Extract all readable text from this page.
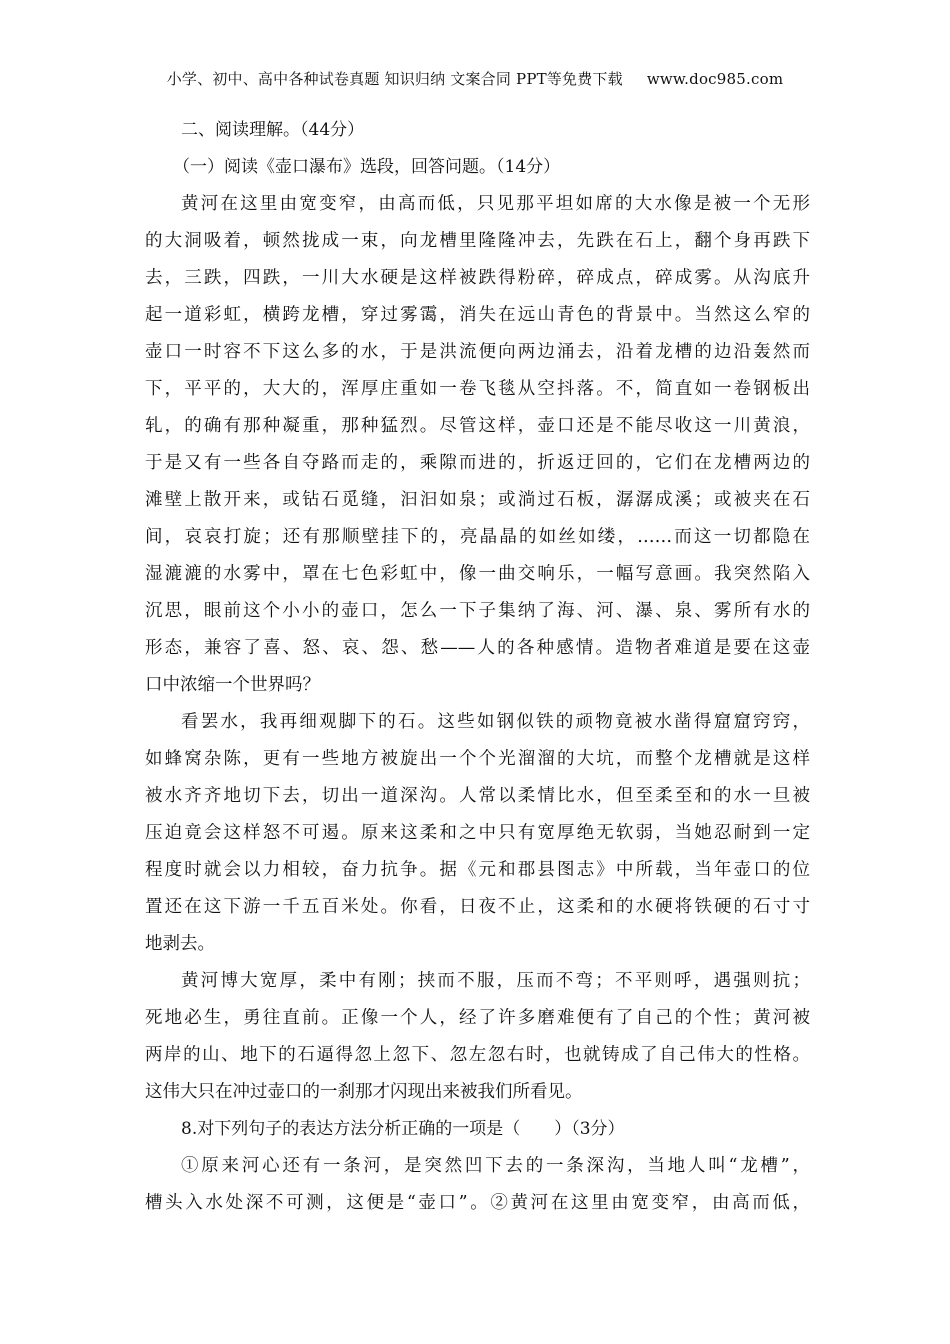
小学、初中、高中各种试卷真题 知识归纳 文案合同 PPT等免费下载 www.doc985.com
二、阅读理解。（44分）
（一）阅读《壶口瀑布》选段，回答问题。（14分）
黄河在这里由宽变窄，由高而低，只见那平坦如席的大水像是被一个无形
的大洞吸着，顿然拢成一束，向龙槽里隆隆冲去，先跌在石上，翻个身再跌下
去，三跌，四跌，一川大水硬是这样被跌得粉碎，碎成点，碎成雾。从沟底升
起一道彩虹，横跨龙槽，穿过雾霭，消失在远山青色的背景中。当然这么窄的
壶口一时容不下这么多的水，于是洪流便向两边涌去，沿着龙槽的边沿轰然而
下，平平的，大大的，浑厚庄重如一卷飞毯从空抖落。不，简直如一卷钢板出
轧，的确有那种凝重，那种猛烈。尽管这样，壶口还是不能尽收这一川黄浪，
于是又有一些各自夺路而走的，乘隙而进的，折返迂回的，它们在龙槽两边的
滩壁上散开来，或钻石觅缝，汩汩如泉；或淌过石板，潺潺成溪；或被夹在石
间，哀哀打旋；还有那顺壁挂下的，亮晶晶的如丝如缕，……而这一切都隐在
湿漉漉的水雾中，罩在七色彩虹中，像一曲交响乐，一幅写意画。我突然陷入
沉思，眼前这个小小的壶口，怎么一下子集纳了海、河、瀑、泉、雾所有水的
形态，兼容了喜、怒、哀、怨、愁——人的各种感情。造物者难道是要在这壶
口中浓缩一个世界吗？
看罢水，我再细观脚下的石。这些如钢似铁的顽物竟被水凿得窟窟窍窍，
如蜂窝杂陈，更有一些地方被旋出一个个光溜溜的大坑，而整个龙槽就是这样
被水齐齐地切下去，切出一道深沟。人常以柔情比水，但至柔至和的水一旦被
压迫竟会这样怒不可遏。原来这柔和之中只有宽厚绝无软弱，当她忍耐到一定
程度时就会以力相较，奋力抗争。据《元和郡县图志》中所载，当年壶口的位
置还在这下游一千五百米处。你看，日夜不止，这柔和的水硬将铁硬的石寸寸
地剥去。
黄河博大宽厚，柔中有刚；挟而不服，压而不弯；不平则呼，遇强则抗；
死地必生，勇往直前。正像一个人，经了许多磨难便有了自己的个性；黄河被
两岸的山、地下的石逼得忽上忽下、忽左忽右时，也就铸成了自己伟大的性格。
这伟大只在冲过壶口的一刹那才闪现出来被我们所看见。
8.对下列句子的表达方法分析正确的一项是（　　）（3分）
①原来河心还有一条河，是突然凹下去的一条深沟，当地人叫“龙槽”，
槽头入水处深不可测，这便是“壶口”。②黄河在这里由宽变窄，由高而低，
